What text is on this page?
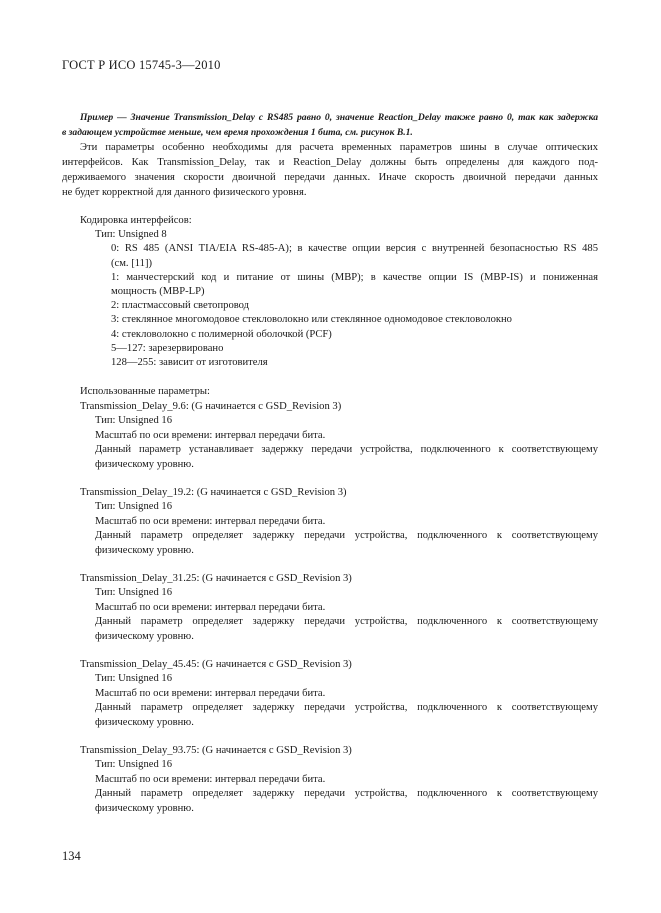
ГОСТ Р ИСО 15745-3—2010
Пример — Значение Transmission_Delay с RS485 равно 0, значение Reaction_Delay также равно 0, так как задержка
в задающем устройстве меньше, чем время прохождения 1 бита, см. рисунок B.1.
Эти параметры особенно необходимы для расчета временных параметров шины в случае оптических
интерфейсов. Как Transmission_Delay, так и Reaction_Delay должны быть определены для каждого под-
держиваемого значения скорости двоичной передачи данных. Иначе скорость двоичной передачи данных
не будет корректной для данного физического уровня.
Кодировка интерфейсов:
Тип: Unsigned 8
0: RS 485 (ANSI TIA/EIA RS-485-A); в качестве опции версия с внутренней безопасностью RS 485
(см. [11])
1: манчестерский код и питание от шины (MBP); в качестве опции IS (MBP-IS) и пониженная
мощность (MBP-LP)
2: пластмассовый светопровод
3: стеклянное многомодовое стекловолокно или стеклянное одномодовое стекловолокно
4: стекловолокно с полимерной оболочкой (PCF)
5—127: зарезервировано
128—255: зависит от изготовителя
Использованные параметры:
Transmission_Delay_9.6: (G начинается с GSD_Revision 3)
Тип: Unsigned 16
Масштаб по оси времени: интервал передачи бита.
Данный параметр устанавливает задержку передачи устройства, подключенного к соответствующему
физическому уровню.
Transmission_Delay_19.2: (G начинается с GSD_Revision 3)
Тип: Unsigned 16
Масштаб по оси времени: интервал передачи бита.
Данный параметр определяет задержку передачи устройства, подключенного к соответствующему
физическому уровню.
Transmission_Delay_31.25: (G начинается с GSD_Revision 3)
Тип: Unsigned 16
Масштаб по оси времени: интервал передачи бита.
Данный параметр определяет задержку передачи устройства, подключенного к соответствующему
физическому уровню.
Transmission_Delay_45.45: (G начинается с GSD_Revision 3)
Тип: Unsigned 16
Масштаб по оси времени: интервал передачи бита.
Данный параметр определяет задержку передачи устройства, подключенного к соответствующему
физическому уровню.
Transmission_Delay_93.75: (G начинается с GSD_Revision 3)
Тип: Unsigned 16
Масштаб по оси времени: интервал передачи бита.
Данный параметр определяет задержку передачи устройства, подключенного к соответствующему
физическому уровню.
134
